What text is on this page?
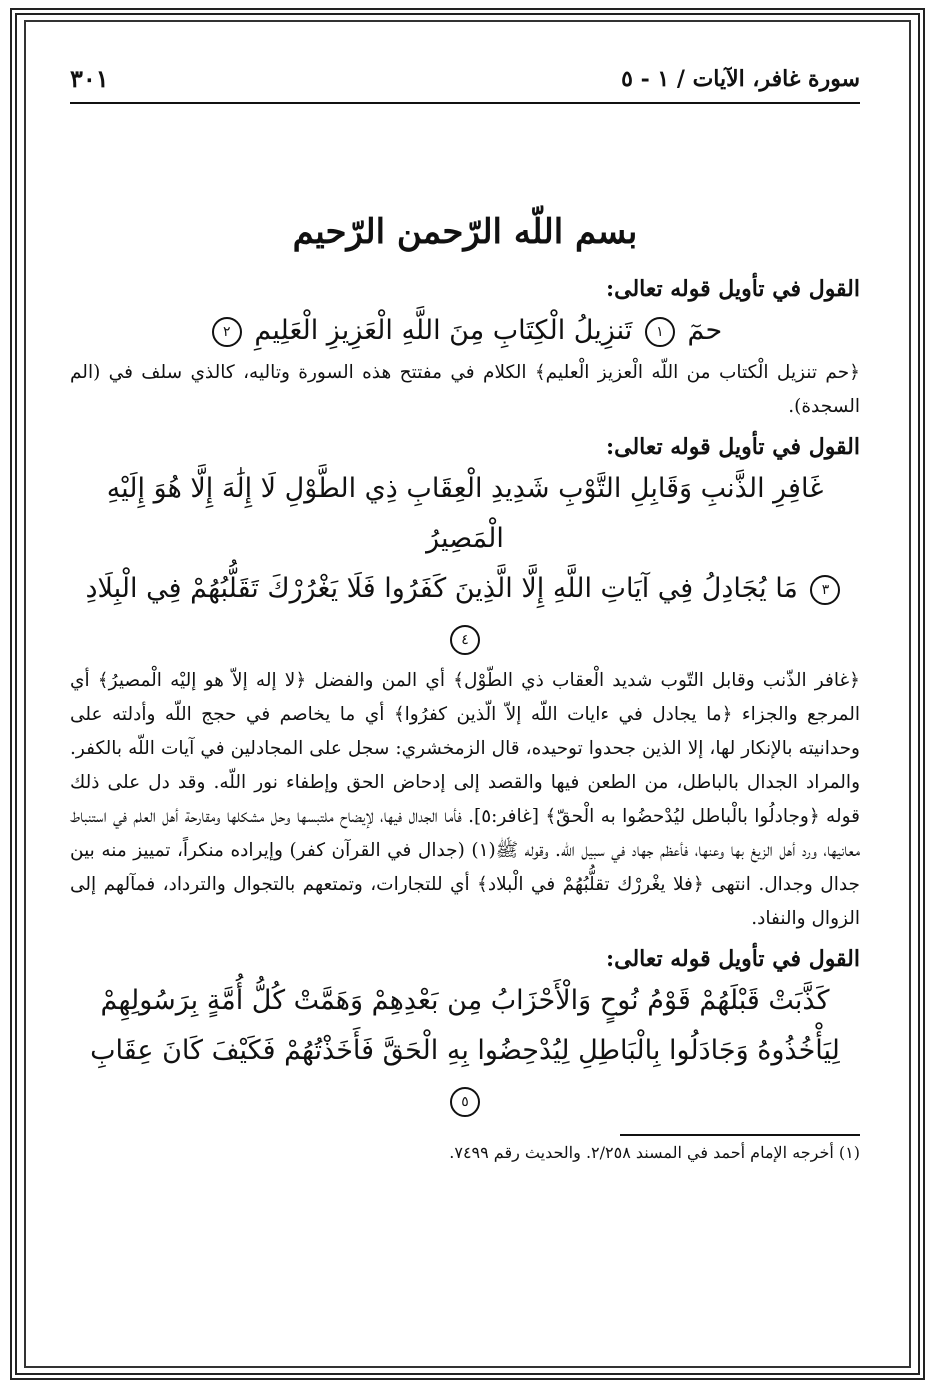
سورة غافر، الآيات / ١ - ٥
٣٠١
بسم اللّه الرّحمن الرّحيم
القول في تأويل قوله تعالى:
حمٓ ١ تَنزِيلُ الْكِتَابِ مِنَ اللَّهِ الْعَزِيزِ الْعَلِيمِ ٢

﴿حم تنزيل الْكتاب من اللّه الْعزيز الْعليم﴾ الكلام في مفتتح هذه السورة وتاليه، كالذي سلف في (الم السجدة).

القول في تأويل قوله تعالى:
غَافِرِ الذَّنبِ وَقَابِلِ التَّوْبِ شَدِيدِ الْعِقَابِ ذِي الطَّوْلِ لَا إِلَٰهَ إِلَّا هُوَ إِلَيْهِ الْمَصِيرُ
٣ مَا يُجَادِلُ فِي آيَاتِ اللَّهِ إِلَّا الَّذِينَ كَفَرُوا فَلَا يَغْرُرْكَ تَقَلُّبُهُمْ فِي الْبِلَادِ ٤

﴿غافر الذّنب وقابل التّوب شديد الْعقاب ذي الطّوْل﴾ أي المن والفضل ﴿لا إله إلاّ هو إليْه الْمصيرُ﴾ أي المرجع والجزاء ﴿ما يجادل في ءايات اللّه إلاّ الّذين كفرُوا﴾ أي ما يخاصم في حجج اللّه وأدلته على وحدانيته بالإنكار لها، إلا الذين جحدوا توحيده، قال الزمخشري: سجل على المجادلين في آيات اللّه بالكفر. والمراد الجدال بالباطل، من الطعن فيها والقصد إلى إدحاض الحق وإطفاء نور اللّه. وقد دل على ذلك قوله ﴿وجادلُوا بالْباطل ليُدْحضُوا به الْحقّ﴾ [غافر:٥]. فأما الجدال فيها، لإيضاح ملتبسها وحل مشكلها ومقارحة أهل العلم في استنباط معانيها، ورد أهل الزيغ بها وعنها، فأعظم جهاد في سبيل اللّه. وقوله ﷺ(١) (جدال في القرآن كفر) وإيراده منكراً، تمييز منه بين جدال وجدال. انتهى ﴿فلا يغْررْك تقلُّبُهُمْ في الْبلاد﴾ أي للتجارات، وتمتعهم بالتجوال والترداد، فمآلهم إلى الزوال والنفاد.

القول في تأويل قوله تعالى:
كَذَّبَتْ قَبْلَهُمْ قَوْمُ نُوحٍ وَالْأَحْزَابُ مِن بَعْدِهِمْ وَهَمَّتْ كُلُّ أُمَّةٍ بِرَسُولِهِمْ
لِيَأْخُذُوهُ وَجَادَلُوا بِالْبَاطِلِ لِيُدْحِضُوا بِهِ الْحَقَّ فَأَخَذْتُهُمْ فَكَيْفَ كَانَ عِقَابِ ٥
(١) أخرجه الإمام أحمد في المسند ٢/٢٥٨. والحديث رقم ٧٤٩٩.
